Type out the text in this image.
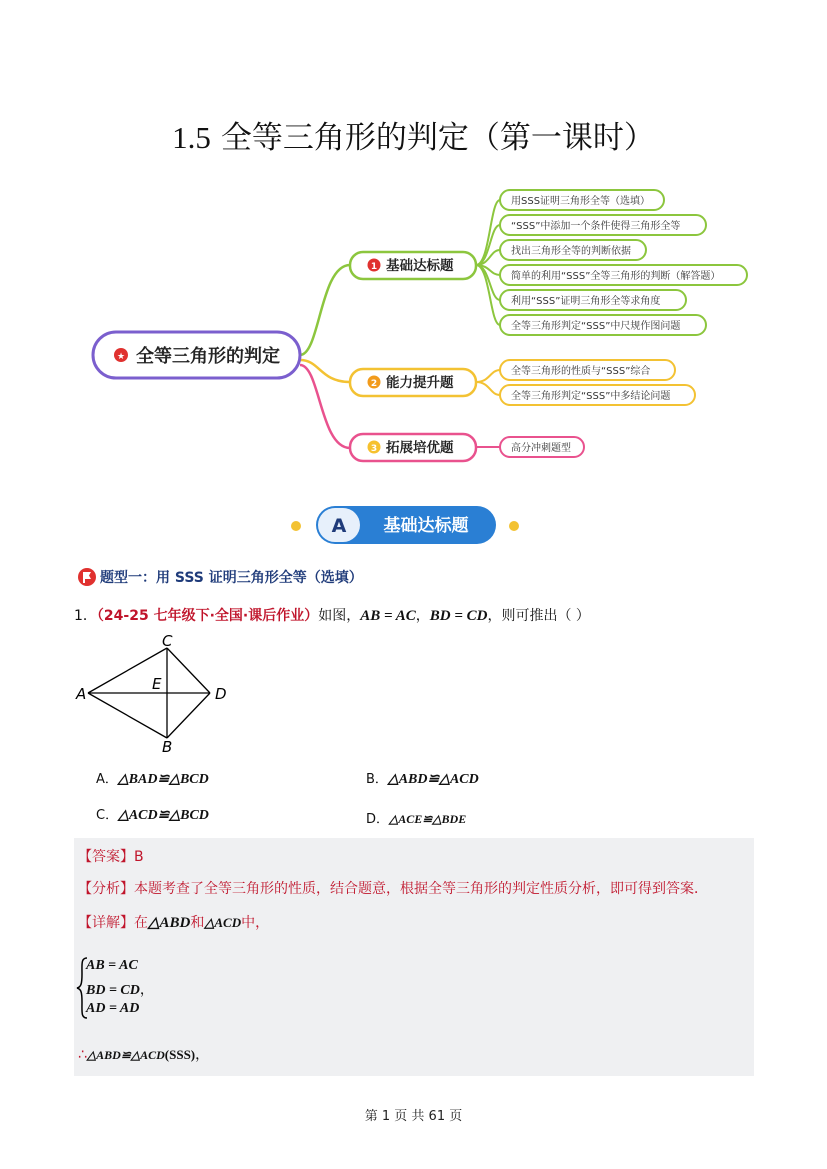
1.5 全等三角形的判定（第一课时）
★ 全等三角形的判定
1 基础达标题
用SSS证明三角形全等（选填）
“SSS”中添加一个条件使得三角形全等
找出三角形全等的判断依据
简单的利用“SSS”全等三角形的判断（解答题）
利用“SSS”证明三角形全等求角度
全等三角形判定“SSS”中尺规作图问题
2 能力提升题
全等三角形的性质与“SSS”综合
全等三角形判定“SSS”中多结论问题
3 拓展培优题	高分冲刺题型
A 基础达标题
题型一：用 SSS 证明三角形全等（选填）
1．（24-25 七年级下·全国·课后作业）如图，AB = AC，BD = CD，则可推出（ ）
A
B
C
D
E
A．△BAD≌△BCD	B．△ABD≌△ACD
C．△ACD≌△BCD	D．△ACE≌△BDE
【答案】B
【分析】本题考查了全等三角形的性质，结合题意，根据全等三角形的判定性质分析，即可得到答案．
【详解】在△ABD和△ACD中，
AB = AC
BD = CD，
AD = AD
∴△ABD≌△ACD(SSS)，
第 1 页 共 61 页
